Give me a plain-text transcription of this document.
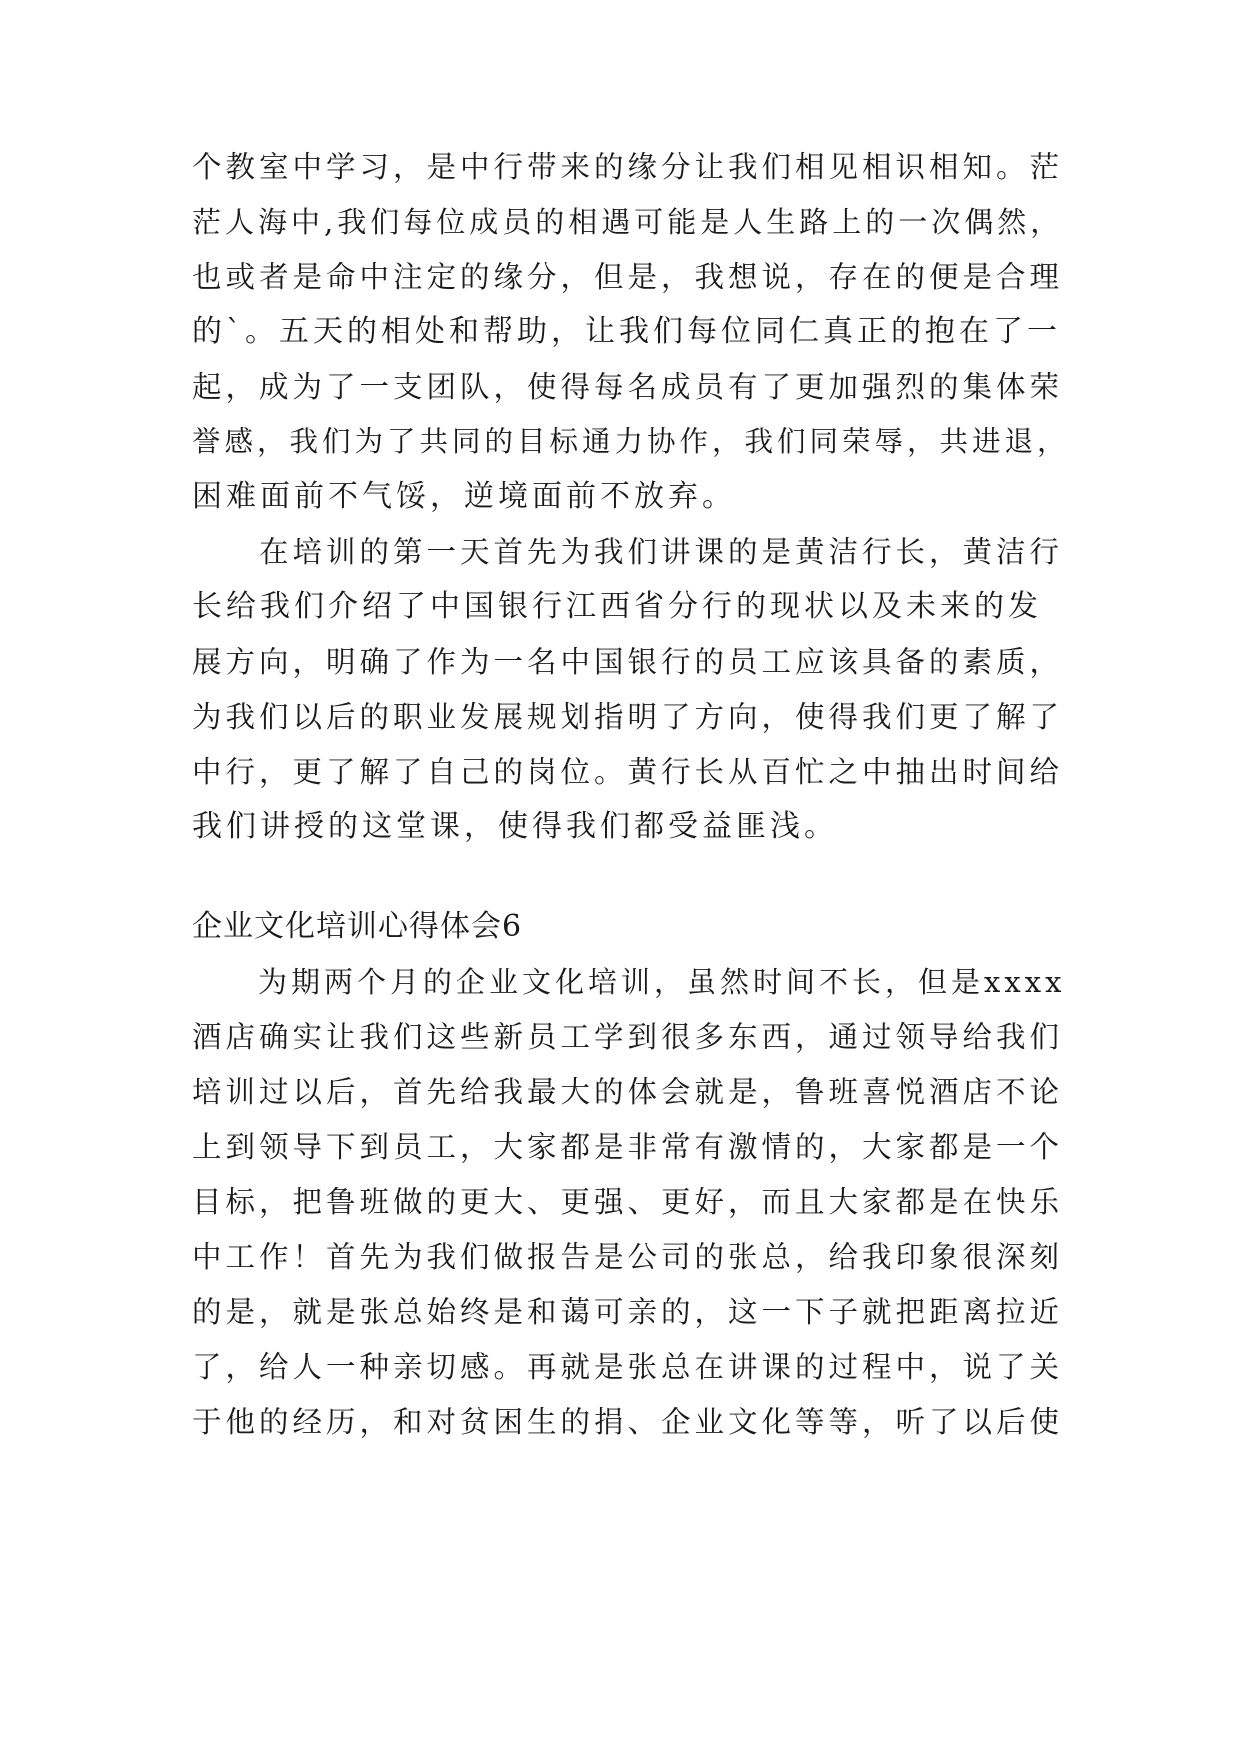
个教室中学习，是中行带来的缘分让我们相见相识相知。茫
茫人海中,我们每位成员的相遇可能是人生路上的一次偶然，
也或者是命中注定的缘分，但是，我想说，存在的便是合理
的`。五天的相处和帮助，让我们每位同仁真正的抱在了一
起，成为了一支团队，使得每名成员有了更加强烈的集体荣
誉感，我们为了共同的目标通力协作，我们同荣辱，共进退，
困难面前不气馁，逆境面前不放弃。
　　在培训的第一天首先为我们讲课的是黄洁行长，黄洁行
长给我们介绍了中国银行江西省分行的现状以及未来的发
展方向，明确了作为一名中国银行的员工应该具备的素质，
为我们以后的职业发展规划指明了方向，使得我们更了解了
中行，更了解了自己的岗位。黄行长从百忙之中抽出时间给
我们讲授的这堂课，使得我们都受益匪浅。
企业文化培训心得体会6
　　为期两个月的企业文化培训，虽然时间不长，但是xxxx
酒店确实让我们这些新员工学到很多东西，通过领导给我们
培训过以后，首先给我最大的体会就是，鲁班喜悦酒店不论
上到领导下到员工，大家都是非常有激情的，大家都是一个
目标，把鲁班做的更大、更强、更好，而且大家都是在快乐
中工作！首先为我们做报告是公司的张总，给我印象很深刻
的是，就是张总始终是和蔼可亲的，这一下子就把距离拉近
了，给人一种亲切感。再就是张总在讲课的过程中，说了关
于他的经历，和对贫困生的捐、企业文化等等，听了以后使
